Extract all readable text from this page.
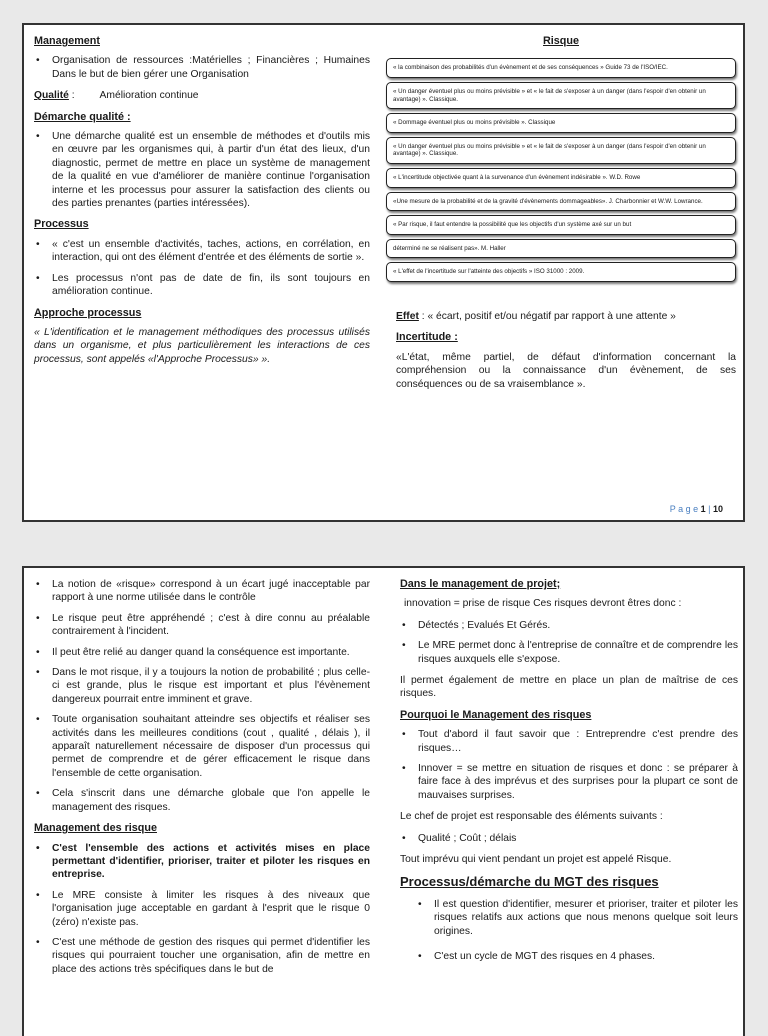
Management
• Organisation de ressources :Matérielles ; Financières ; Humaines Dans le but de bien gérer une Organisation

Qualité : Amélioration continue

Démarche qualité :
• Une démarche qualité est un ensemble de méthodes et d'outils mis en œuvre par les organismes qui, à partir d'un état des lieux, d'un diagnostic, permet de mettre en place un système de management de la qualité en vue d'améliorer de manière continue l'organisation interne et les processus pour assurer la satisfaction des clients ou des parties prenantes (parties intéressées).
Processus
• « c'est un ensemble d'activités, taches, actions, en corrélation, en interaction, qui ont des élément d'entrée et des éléments de sortie ».
• Les processus n'ont pas de date de fin, ils sont toujours en amélioration continue.
Approche processus

« L'identification et le management méthodiques des processus utilisés dans un organisme, et plus particulièrement les interactions de ces processus, sont appelés «l'Approche Processus» ».

Risque
« la combinaison des probabilités d'un évènement et de ses conséquences » Guide 73 de l'ISO/IEC.
« Un danger éventuel plus ou moins prévisible » et « le fait de s'exposer à un danger (dans l'espoir d'en obtenir un avantage) ». Classique.
« Dommage éventuel plus ou moins prévisible ». Classique
« Un danger éventuel plus ou moins prévisible » et « le fait de s'exposer à un danger (dans l'espoir d'en obtenir un avantage) ». Classique.
« L'incertitude objectivée quant à la survenance d'un évènement indésirable ». W.D. Rowe
«Une mesure de la probabilité et de la gravité d'évènements dommageables». J. Charbonnier et W.W. Lowrance.
« Par risque, il faut entendre la possibilité que les objectifs d'un système axé sur un but
déterminé ne se réalisent pas». M. Haller
« L'effet de l'incertitude sur l'atteinte des objectifs » ISO 31000 : 2009.

Effet : « écart, positif et/ou négatif par rapport à une attente »

Incertitude :

«L'état, même partiel, de défaut d'information concernant la compréhension ou la connaissance d'un évènement, de ses conséquences ou de sa vraisemblance ».

P a g e 1 | 10
• La notion de «risque» correspond à un écart jugé inacceptable par rapport à une norme utilisée dans le contrôle
• Le risque peut être appréhendé ; c'est à dire connu au préalable contrairement à l'incident.
• Il peut être relié au danger quand la conséquence est importante.
• Dans le mot risque, il y a toujours la notion de probabilité ; plus celle-ci est grande, plus le risque est important et plus l'évènement dangereux pourrait entre imminent et grave.
• Toute organisation souhaitant atteindre ses objectifs et réaliser ses activités dans les meilleures conditions (cout , qualité , délais ), il apparaît naturellement nécessaire de disposer d'un processus qui permet de comprendre et de gérer efficacement le risque dans l'ensemble de cette organisation.
• Cela s'inscrit dans une démarche globale que l'on appelle le management des risques.
Management des risque
• C'est l'ensemble des actions et activités mises en place permettant d'identifier, prioriser, traiter et piloter les risques en entreprise.
• Le MRE consiste à limiter les risques à des niveaux que l'organisation juge acceptable en gardant à l'esprit que le risque 0 (zéro) n'existe pas.
• C'est une méthode de gestion des risques qui permet d'identifier les risques qui pourraient toucher une organisation, afin de mettre en place des actions très spécifiques dans le but de
Dans le management de projet;

innovation = prise de risque Ces risques devront êtres donc :

• Détectés ; Evalués Et Gérés.
• Le MRE permet donc à l'entreprise de connaître et de comprendre les risques auxquels elle s'expose.

Il permet également de mettre en place un plan de maîtrise de ces risques.

Pourquoi le Management des risques
• Tout d'abord il faut savoir que : Entreprendre c'est prendre des risques…
• Innover = se mettre en situation de risques et donc : se préparer à faire face à des imprévus et des surprises pour la plupart ce sont de mauvaises surprises.

Le chef de projet est responsable des éléments suivants :

• Qualité ; Coût ; délais

Tout imprévu qui vient pendant un projet est appelé Risque.

Processus/démarche du MGT des risques
• Il est question d'identifier, mesurer et prioriser, traiter et piloter les risques relatifs aux actions que nous menons quelque soit leurs origines.
• C'est un cycle de MGT des risques en 4 phases.
